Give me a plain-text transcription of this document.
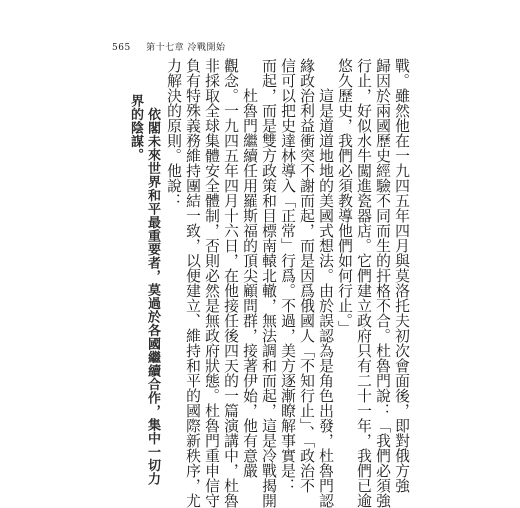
565 第十七章 冷戰開始
戰。雖然他在一九四五年四月與莫洛托夫初次會面後，即對俄方強
歸因於兩國歷史經驗不同而生的扞格不合。杜魯門說：「我們必須強
行止，好似水牛闖進瓷器店。它們建立政府只有二十一年，我們已逾
悠久歷史，我們必須教導他們如何行止。」
　　這是道道地地的美國式想法。由於誤認為是角色出發，杜魯門認
緣政治利益衝突不謝而起，而是因爲俄國人「不知行止」、「政治不
信可以把史達林導入「正常」行爲。不過，美方逐漸瞭解事實是：
而起，而是雙方政策和目標南轅北轍，無法調和而起，這是冷戰揭開
　　杜魯門繼續任用羅斯福的頂尖顧問群，接著伊始，他有意嚴
觀念。一九四五年四月十六日，在他接任後四天的一篇演講中，杜魯
非採取全球集體安全體制，否則必然是無政府狀態。杜魯門重申信守
負有特殊義務維持團結一致，以便建立、維持和平的國際新秩序，尤
力解決的原則。他說：
　依閣未來世界和平最重要者，莫過於各國繼續合作，集中一切力
界的陰謀。
